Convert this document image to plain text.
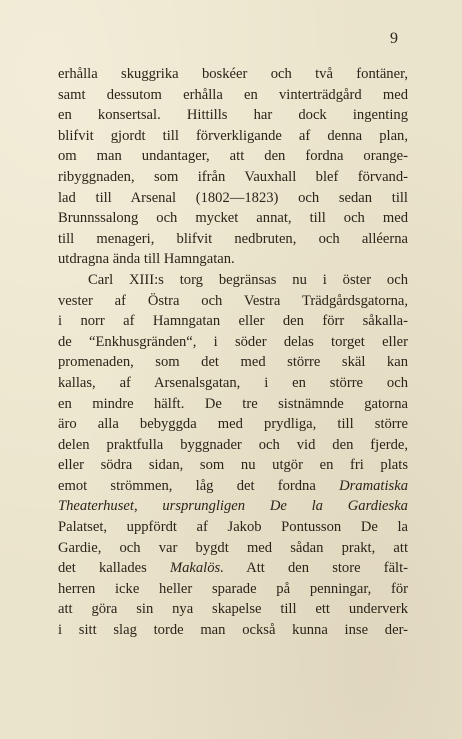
9
erhålla skuggrika boskéer och två fontäner,
samt dessutom erhålla en vinterträdgård med
en konsertsal. Hittills har dock ingenting
blifvit gjordt till förverkligande af denna plan,
om man undantager, att den fordna orange-
ribyggnaden, som ifrån Vauxhall blef förvand-
lad till Arsenal (1802—1823) och sedan till
Brunnssalong och mycket annat, till och med
till menageri, blifvit nedbruten, och alléerna
utdragna ända till Hamngatan.
Carl XIII:s torg begränsas nu i öster och
vester af Östra och Vestra Trädgårdsgatorna,
i norr af Hamngatan eller den förr såkalla-
de “Enkhusgränden“, i söder delas torget eller
promenaden, som det med större skäl kan
kallas, af Arsenalsgatan, i en större och
en mindre hälft. De tre sistnämnde gatorna
äro alla bebyggda med prydliga, till större
delen praktfulla byggnader och vid den fjerde,
eller södra sidan, som nu utgör en fri plats
emot strömmen, låg det fordna Dramatiska
Theaterhuset, ursprungligen De la Gardieska
Palatset, uppfördt af Jakob Pontusson De la
Gardie, och var bygdt med sådan prakt, att
det kallades Makalös. Att den store fält-
herren icke heller sparade på penningar, för
att göra sin nya skapelse till ett underverk
i sitt slag torde man också kunna inse der-
